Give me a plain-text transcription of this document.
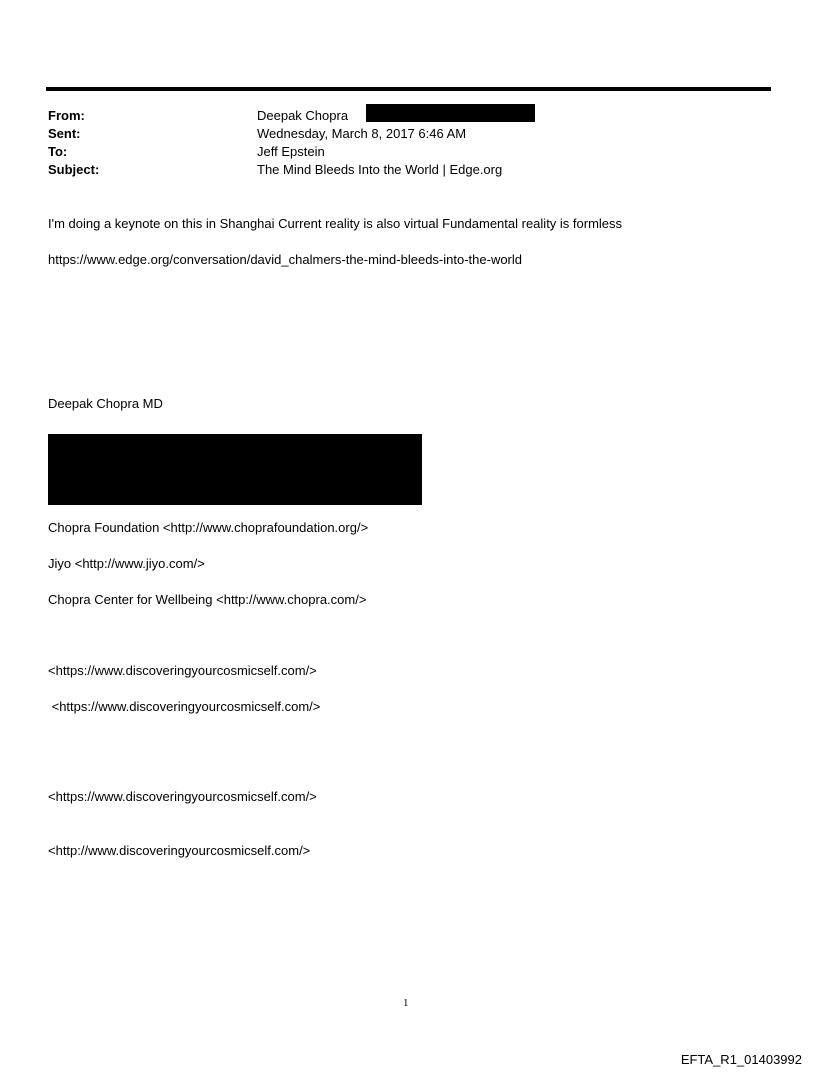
From:	Deepak Chopra
Sent:	Wednesday, March 8, 2017 6:46 AM
To:	Jeff Epstein
Subject:	The Mind Bleeds Into the World | Edge.org
I'm doing a keynote on this in Shanghai Current reality is also virtual Fundamental reality is formless
https://www.edge.org/conversation/david_chalmers-the-mind-bleeds-into-the-world
Deepak Chopra MD
Chopra Foundation <http://www.choprafoundation.org/>
Jiyo <http://www.jiyo.com/>
Chopra Center for Wellbeing <http://www.chopra.com/>
<https://www.discoveringyourcosmicself.com/>
<https://www.discoveringyourcosmicself.com/>
<https://www.discoveringyourcosmicself.com/>
<http://www.discoveringyourcosmicself.com/>
1
EFTA_R1_01403992
